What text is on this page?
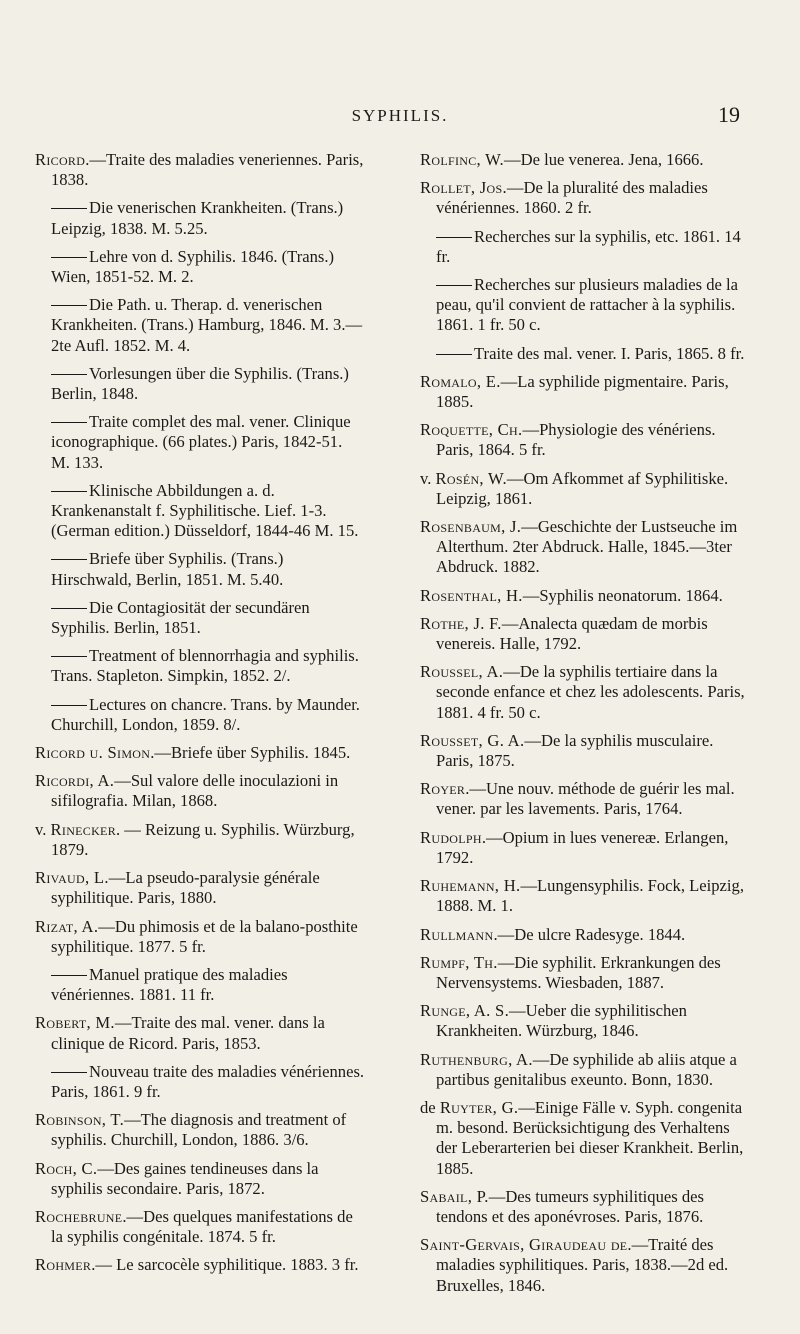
SYPHILIS.	19

Ricord.—Traite des maladies veneriennes. Paris, 1838.

Die venerischen Krankheiten. (Trans.) Leipzig, 1838. M. 5.25.

Lehre von d. Syphilis. 1846. (Trans.) Wien, 1851-52. M. 2.

Die Path. u. Therap. d. venerischen Krankheiten. (Trans.) Hamburg, 1846. M. 3.—2te Aufl. 1852. M. 4.

Vorlesungen über die Syphilis. (Trans.) Berlin, 1848.

Traite complet des mal. vener. Clinique iconographique. (66 plates.) Paris, 1842-51. M. 133.

Klinische Abbildungen a. d. Krankenanstalt f. Syphilitische. Lief. 1-3. (German edition.) Düsseldorf, 1844-46 M. 15.

Briefe über Syphilis. (Trans.) Hirschwald, Berlin, 1851. M. 5.40.

Die Contagiosität der secundären Syphilis. Berlin, 1851.

Treatment of blennorrhagia and syphilis. Trans. Stapleton. Simpkin, 1852. 2/.

Lectures on chancre. Trans. by Maunder. Churchill, London, 1859. 8/.

Ricord u. Simon.—Briefe über Syphilis. 1845.

Ricordi, A.—Sul valore delle inoculazioni in sifilografia. Milan, 1868.

v. Rinecker. — Reizung u. Syphilis. Würzburg, 1879.

Rivaud, L.—La pseudo-paralysie générale syphilitique. Paris, 1880.

Rizat, A.—Du phimosis et de la balano-posthite syphilitique. 1877. 5 fr.

Manuel pratique des maladies vénériennes. 1881. 11 fr.

Robert, M.—Traite des mal. vener. dans la clinique de Ricord. Paris, 1853.

Nouveau traite des maladies vénériennes. Paris, 1861. 9 fr.

Robinson, T.—The diagnosis and treatment of syphilis. Churchill, London, 1886. 3/6.

Roch, C.—Des gaines tendineuses dans la syphilis secondaire. Paris, 1872.

Rochebrune.—Des quelques manifestations de la syphilis congénitale. 1874. 5 fr.

Rohmer.— Le sarcocèle syphilitique. 1883. 3 fr.

Rolfinc, W.—De lue venerea. Jena, 1666.

Rollet, Jos.—De la pluralité des maladies vénériennes. 1860. 2 fr.

Recherches sur la syphilis, etc. 1861. 14 fr.

Recherches sur plusieurs maladies de la peau, qu'il convient de rattacher à la syphilis. 1861. 1 fr. 50 c.

Traite des mal. vener. I. Paris, 1865. 8 fr.

Romalo, E.—La syphilide pigmentaire. Paris, 1885.

Roquette, Ch.—Physiologie des vénériens. Paris, 1864. 5 fr.

v. Rosén, W.—Om Afkommet af Syphilitiske. Leipzig, 1861.

Rosenbaum, J.—Geschichte der Lustseuche im Alterthum. 2ter Abdruck. Halle, 1845.—3ter Abdruck. 1882.

Rosenthal, H.—Syphilis neonatorum. 1864.

Rothe, J. F.—Analecta quædam de morbis venereis. Halle, 1792.

Roussel, A.—De la syphilis tertiaire dans la seconde enfance et chez les adolescents. Paris, 1881. 4 fr. 50 c.

Rousset, G. A.—De la syphilis musculaire. Paris, 1875.

Royer.—Une nouv. méthode de guérir les mal. vener. par les lavements. Paris, 1764.

Rudolph.—Opium in lues venereæ. Erlangen, 1792.

Ruhemann, H.—Lungensyphilis. Fock, Leipzig, 1888. M. 1.

Rullmann.—De ulcre Radesyge. 1844.

Rumpf, Th.—Die syphilit. Erkrankungen des Nervensystems. Wiesbaden, 1887.

Runge, A. S.—Ueber die syphilitischen Krankheiten. Würzburg, 1846.

Ruthenburg, A.—De syphilide ab aliis atque a partibus genitalibus exeunto. Bonn, 1830.

de Ruyter, G.—Einige Fälle v. Syph. congenita m. besond. Berücksichtigung des Verhaltens der Leberarterien bei dieser Krankheit. Berlin, 1885.

Sabail, P.—Des tumeurs syphilitiques des tendons et des aponévroses. Paris, 1876.

Saint-Gervais, Giraudeau de.—Traité des maladies syphilitiques. Paris, 1838.—2d ed. Bruxelles, 1846.
